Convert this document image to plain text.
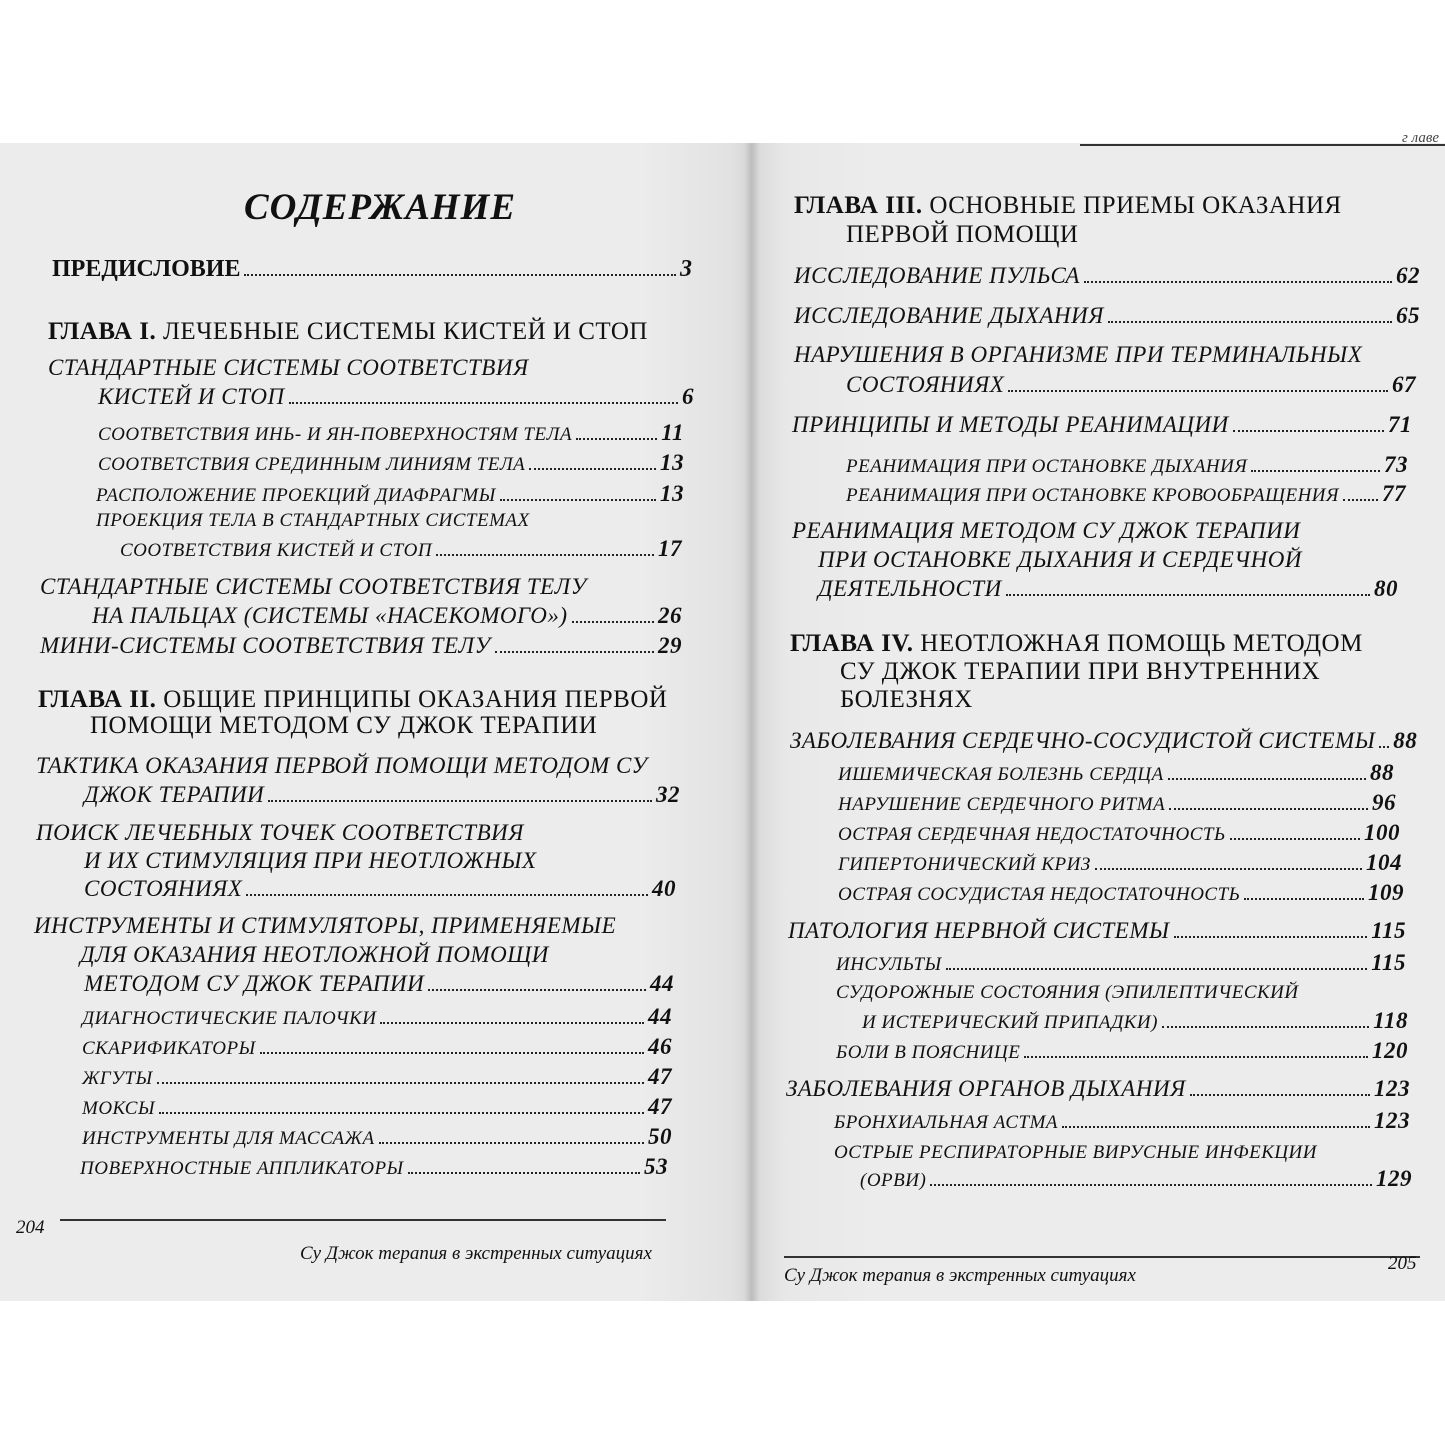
г лаве
СОДЕРЖАНИЕ
ПРЕДИСЛОВИЕ	3
ГЛАВА I. ЛЕЧЕБНЫЕ СИСТЕМЫ КИСТЕЙ И СТОП
СТАНДАРТНЫЕ СИСТЕМЫ СООТВЕТСТВИЯ
КИСТЕЙ И СТОП	6
СООТВЕТСТВИЯ ИНЬ- И ЯН-ПОВЕРХНОСТЯМ ТЕЛА	11
СООТВЕТСТВИЯ СРЕДИННЫМ ЛИНИЯМ ТЕЛА	13
РАСПОЛОЖЕНИЕ ПРОЕКЦИЙ ДИАФРАГМЫ	13
ПРОЕКЦИЯ ТЕЛА В СТАНДАРТНЫХ СИСТЕМАХ
СООТВЕТСТВИЯ КИСТЕЙ И СТОП	17
СТАНДАРТНЫЕ СИСТЕМЫ СООТВЕТСТВИЯ ТЕЛУ
НА ПАЛЬЦАХ (СИСТЕМЫ «НАСЕКОМОГО»)	26
МИНИ-СИСТЕМЫ СООТВЕТСТВИЯ ТЕЛУ	29
ГЛАВА II. ОБЩИЕ ПРИНЦИПЫ ОКАЗАНИЯ ПЕРВОЙ
ПОМОЩИ МЕТОДОМ СУ ДЖОК ТЕРАПИИ
ТАКТИКА ОКАЗАНИЯ ПЕРВОЙ ПОМОЩИ МЕТОДОМ СУ
ДЖОК ТЕРАПИИ	32
ПОИСК ЛЕЧЕБНЫХ ТОЧЕК СООТВЕТСТВИЯ
И ИХ СТИМУЛЯЦИЯ ПРИ НЕОТЛОЖНЫХ
СОСТОЯНИЯХ	40
ИНСТРУМЕНТЫ И СТИМУЛЯТОРЫ, ПРИМЕНЯЕМЫЕ
ДЛЯ ОКАЗАНИЯ НЕОТЛОЖНОЙ ПОМОЩИ
МЕТОДОМ СУ ДЖОК ТЕРАПИИ	44
ДИАГНОСТИЧЕСКИЕ ПАЛОЧКИ	44
СКАРИФИКАТОРЫ	46
ЖГУТЫ	47
МОКСЫ	47
ИНСТРУМЕНТЫ ДЛЯ МАССАЖА	50
ПОВЕРХНОСТНЫЕ АППЛИКАТОРЫ	53
204
Су Джок терапия в экстренных ситуациях
ГЛАВА III. ОСНОВНЫЕ ПРИЕМЫ ОКАЗАНИЯ
ПЕРВОЙ ПОМОЩИ
ИССЛЕДОВАНИЕ ПУЛЬСА	62
ИССЛЕДОВАНИЕ ДЫХАНИЯ	65
НАРУШЕНИЯ В ОРГАНИЗМЕ ПРИ ТЕРМИНАЛЬНЫХ
СОСТОЯНИЯХ	67
ПРИНЦИПЫ И МЕТОДЫ РЕАНИМАЦИИ	71
РЕАНИМАЦИЯ ПРИ ОСТАНОВКЕ ДЫХАНИЯ	73
РЕАНИМАЦИЯ ПРИ ОСТАНОВКЕ КРОВООБРАЩЕНИЯ 77
РЕАНИМАЦИЯ МЕТОДОМ СУ ДЖОК ТЕРАПИИ
ПРИ ОСТАНОВКЕ ДЫХАНИЯ И СЕРДЕЧНОЙ
ДЕЯТЕЛЬНОСТИ	80
ГЛАВА IV. НЕОТЛОЖНАЯ ПОМОЩЬ МЕТОДОМ
СУ ДЖОК ТЕРАПИИ ПРИ ВНУТРЕННИХ
БОЛЕЗНЯХ
ЗАБОЛЕВАНИЯ СЕРДЕЧНО-СОСУДИСТОЙ СИСТЕМЫ 88
ИШЕМИЧЕСКАЯ БОЛЕЗНЬ СЕРДЦА	88
НАРУШЕНИЕ СЕРДЕЧНОГО РИТМА	96
ОСТРАЯ СЕРДЕЧНАЯ НЕДОСТАТОЧНОСТЬ	100
ГИПЕРТОНИЧЕСКИЙ КРИЗ	104
ОСТРАЯ СОСУДИСТАЯ НЕДОСТАТОЧНОСТЬ	109
ПАТОЛОГИЯ НЕРВНОЙ СИСТЕМЫ	115
ИНСУЛЬТЫ	115
СУДОРОЖНЫЕ СОСТОЯНИЯ (ЭПИЛЕПТИЧЕСКИЙ
И ИСТЕРИЧЕСКИЙ ПРИПАДКИ)	118
БОЛИ В ПОЯСНИЦЕ	120
ЗАБОЛЕВАНИЯ ОРГАНОВ ДЫХАНИЯ	123
БРОНХИАЛЬНАЯ АСТМА	123
ОСТРЫЕ РЕСПИРАТОРНЫЕ ВИРУСНЫЕ ИНФЕКЦИИ
(ОРВИ)	129
205
Су Джок терапия в экстренных ситуациях
